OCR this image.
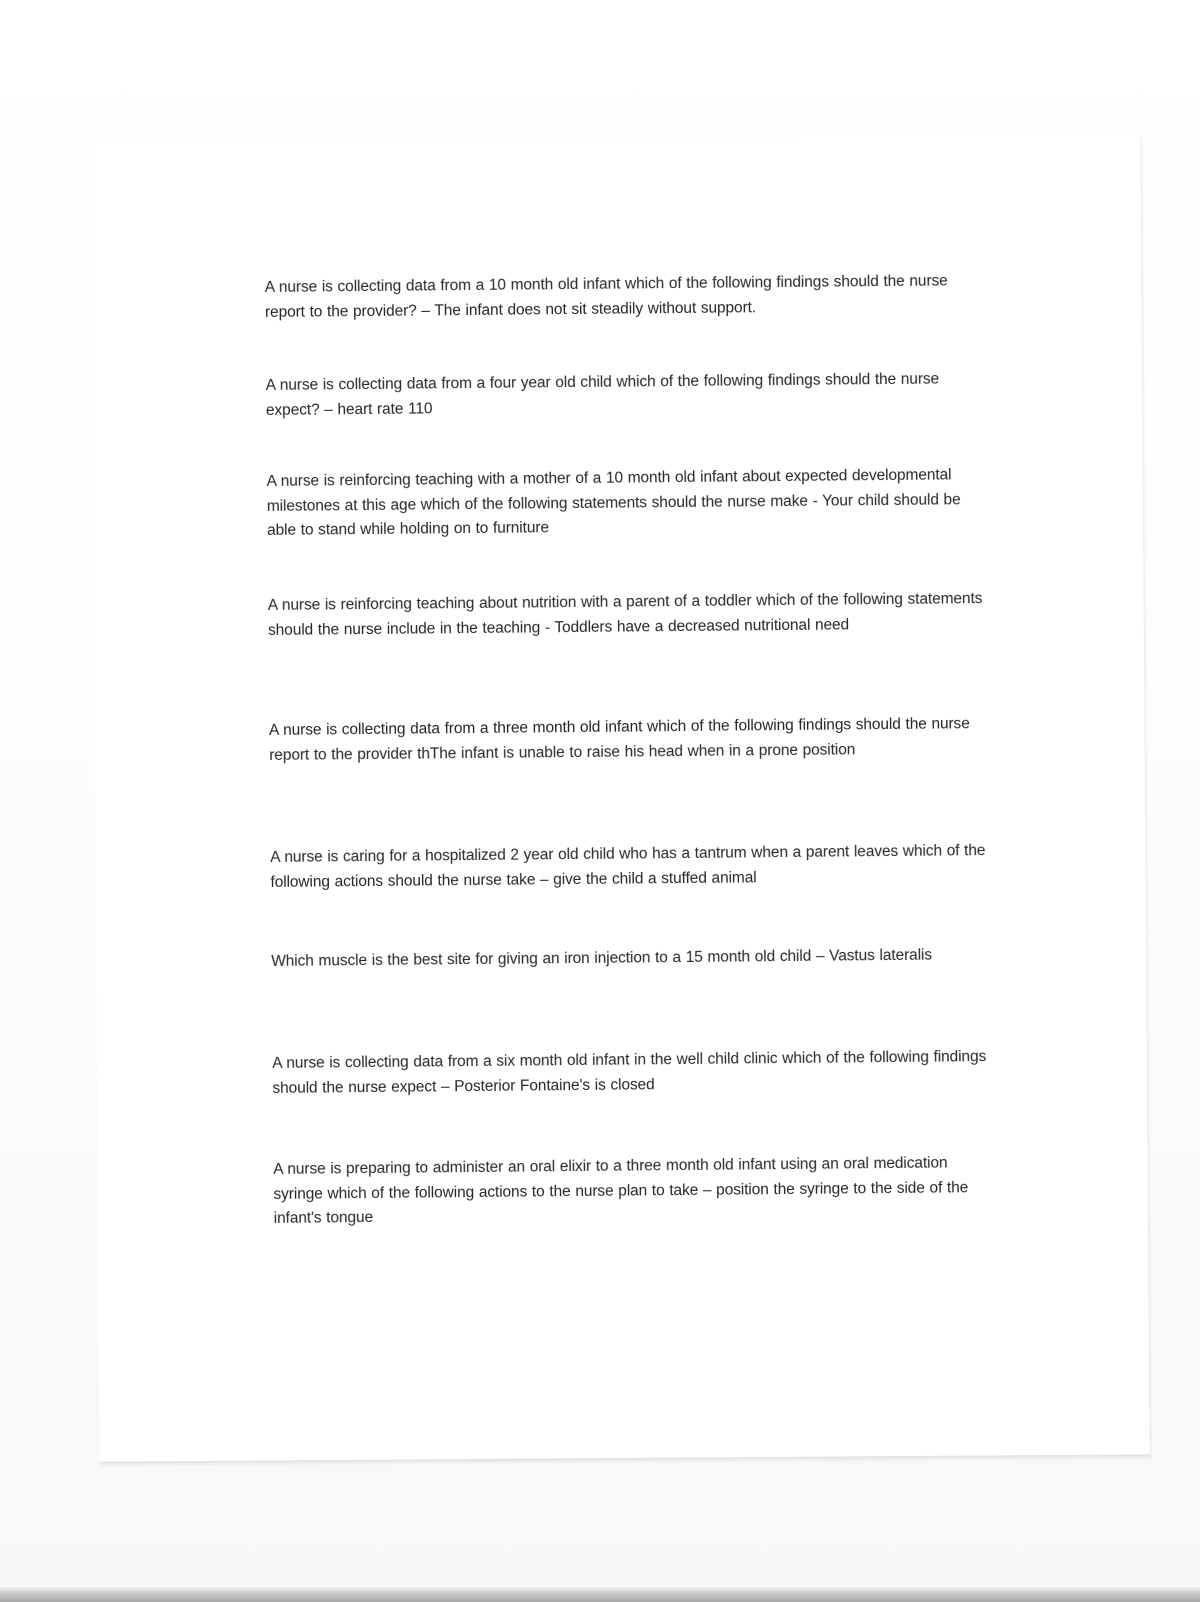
A nurse is collecting data from a 10 month old infant which of the following findings should the nurse report to the provider? – The infant does not sit steadily without support.

A nurse is collecting data from a four year old child which of the following findings should the nurse expect? – heart rate 110

A nurse is reinforcing teaching with a mother of a 10 month old infant about expected developmental milestones at this age which of the following statements should the nurse make - Your child should be able to stand while holding on to furniture

A nurse is reinforcing teaching about nutrition with a parent of a toddler which of the following statements should the nurse include in the teaching - Toddlers have a decreased nutritional need

A nurse is collecting data from a three month old infant which of the following findings should the nurse report to the provider thThe infant is unable to raise his head when in a prone position

A nurse is caring for a hospitalized 2 year old child who has a tantrum when a parent leaves which of the following actions should the nurse take – give the child a stuffed animal

Which muscle is the best site for giving an iron injection to a 15 month old child – Vastus lateralis

A nurse is collecting data from a six month old infant in the well child clinic which of the following findings should the nurse expect – Posterior Fontaine's is closed

A nurse is preparing to administer an oral elixir to a three month old infant using an oral medication syringe which of the following actions to the nurse plan to take – position the syringe to the side of the infant's tongue
